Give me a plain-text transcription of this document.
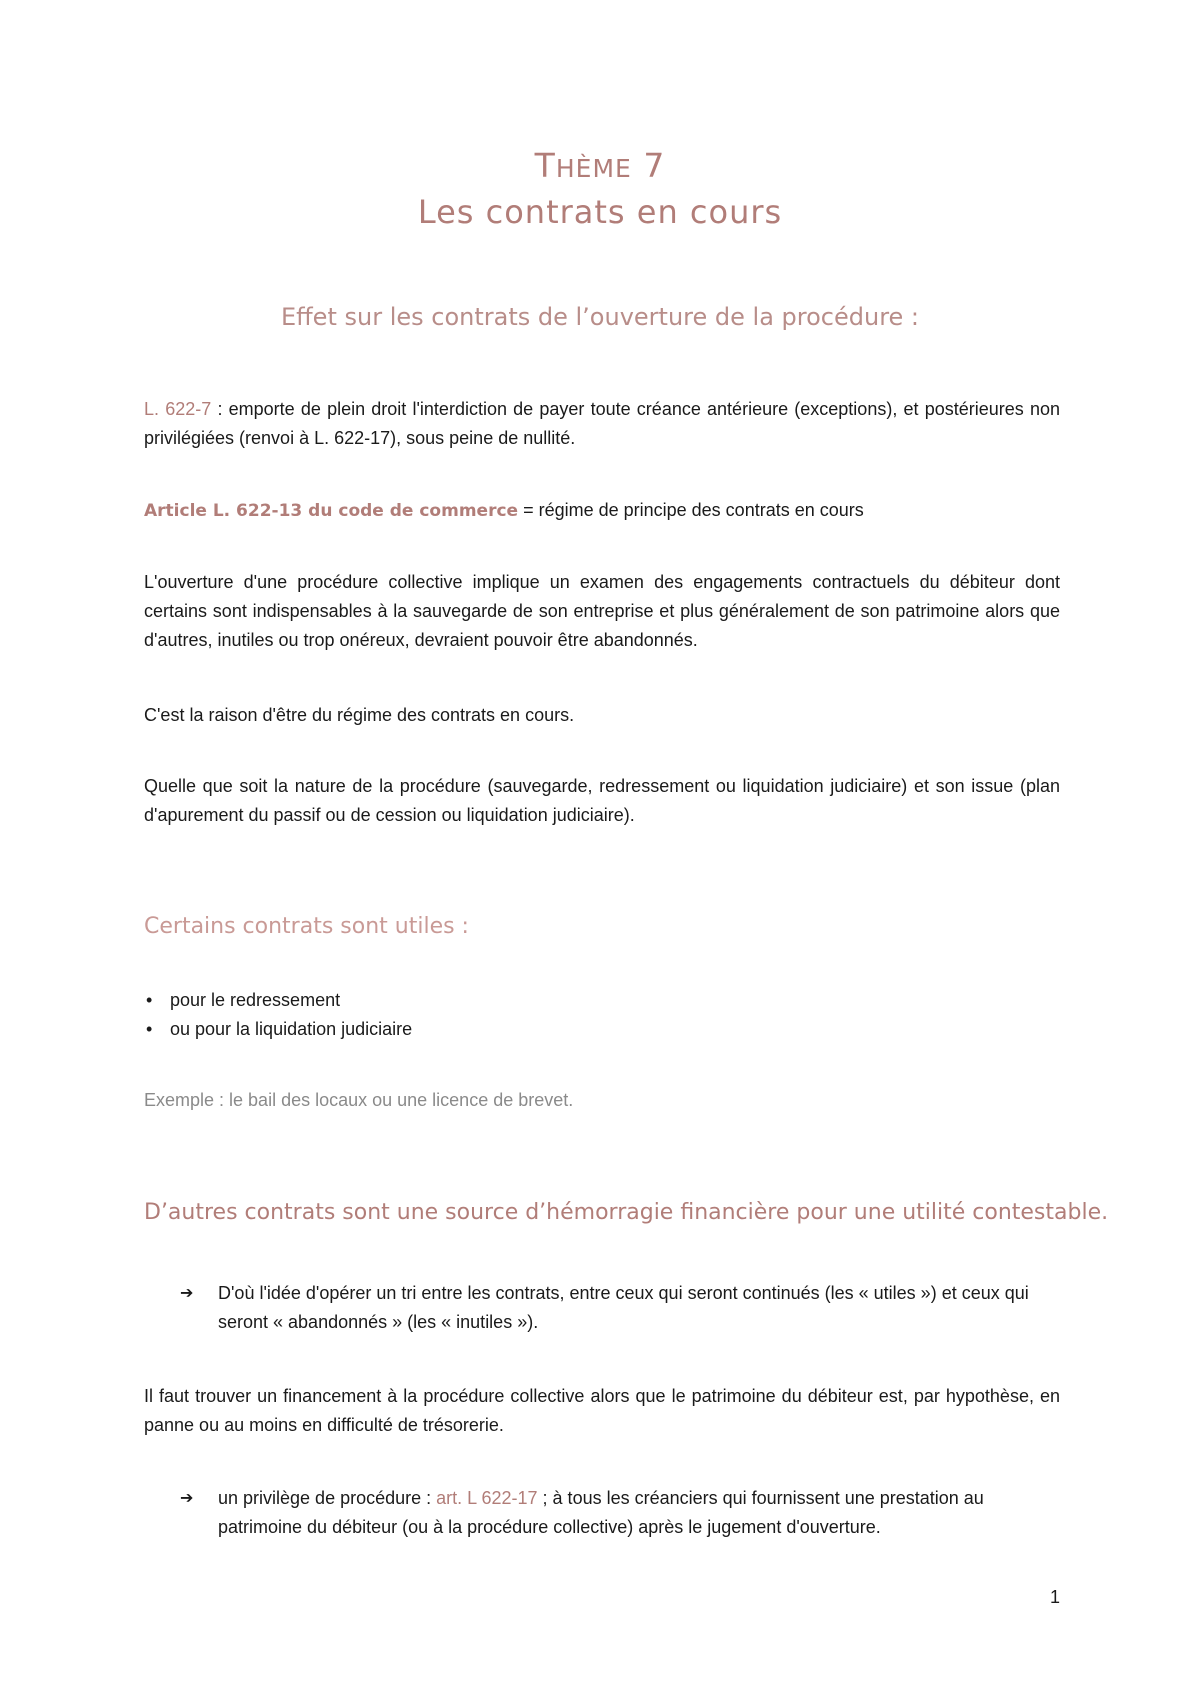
THÈME 7
Les contrats en cours
Effet sur les contrats de l’ouverture de la procédure :

L. 622-7 : emporte de plein droit l'interdiction de payer toute créance antérieure (exceptions), et postérieures non privilégiées (renvoi à L. 622-17), sous peine de nullité.

Article L. 622-13 du code de commerce = régime de principe des contrats en cours

L'ouverture d'une procédure collective implique un examen des engagements contractuels du débiteur dont certains sont indispensables à la sauvegarde de son entreprise et plus généralement de son patrimoine alors que d'autres, inutiles ou trop onéreux, devraient pouvoir être abandonnés.

C'est la raison d'être du régime des contrats en cours.

Quelle que soit la nature de la procédure (sauvegarde, redressement ou liquidation judiciaire) et son issue (plan d'apurement du passif ou de cession ou liquidation judiciaire).

Certains contrats sont utiles :
• pour le redressement
• ou pour la liquidation judiciaire

Exemple : le bail des locaux ou une licence de brevet.

D’autres contrats sont une source d’hémorragie financière pour une utilité contestable.

➔ D'où l'idée d'opérer un tri entre les contrats, entre ceux qui seront continués (les « utiles ») et ceux qui seront « abandonnés » (les « inutiles »).

Il faut trouver un financement à la procédure collective alors que le patrimoine du débiteur est, par hypothèse, en panne ou au moins en difficulté de trésorerie.

➔ un privilège de procédure : art. L 622-17 ; à tous les créanciers qui fournissent une prestation au patrimoine du débiteur (ou à la procédure collective) après le jugement d'ouverture.

1
